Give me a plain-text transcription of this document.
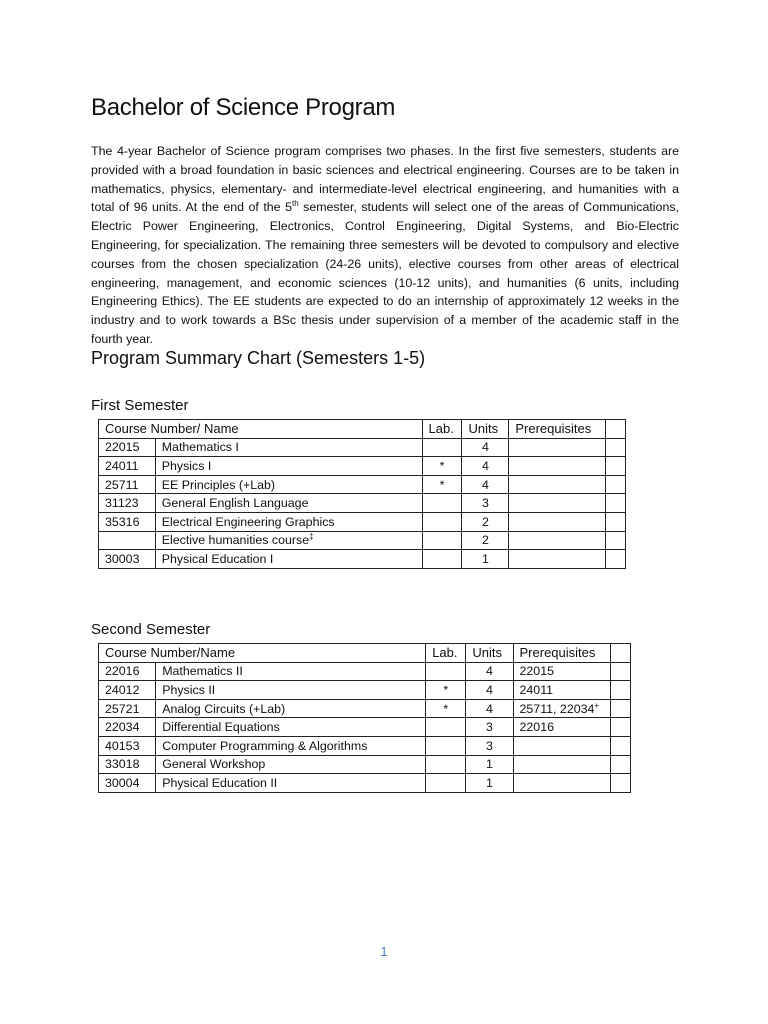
Bachelor of Science Program

The 4-year Bachelor of Science program comprises two phases. In the first five semesters, students are provided with a broad foundation in basic sciences and electrical engineering. Courses are to be taken in mathematics, physics, elementary- and intermediate-level electrical engineering, and humanities with a total of 96 units. At the end of the 5th semester, students will select one of the areas of Communications, Electric Power Engineering, Electronics, Control Engineering, Digital Systems, and Bio-Electric Engineering, for specialization. The remaining three semesters will be devoted to compulsory and elective courses from the chosen specialization (24-26 units), elective courses from other areas of electrical engineering, management, and economic sciences (10-12 units), and humanities (6 units, including Engineering Ethics). The EE students are expected to do an internship of approximately 12 weeks in the industry and to work towards a BSc thesis under supervision of a member of the academic staff in the fourth year.

Program Summary Chart (Semesters 1-5)
First Semester
Course Number/ Name		Lab.	Units	Prerequisites	
22015	Mathematics I		4		
24011	Physics I	*	4		
25711	EE Principles (+Lab)	*	4		
31123	General English Language		3		
35316	Electrical Engineering Graphics		2		
	Elective humanities course‡		2		
30003	Physical Education I		1		
Second Semester
Course Number/Name		Lab.	Units	Prerequisites	
22016	Mathematics II		4	22015	
24012	Physics II	*	4	24011	
25721	Analog Circuits (+Lab)	*	4	25711, 22034+	
22034	Differential Equations		3	22016	
40153	Computer Programming & Algorithms		3		
33018	General Workshop		1		
30004	Physical Education II		1		
1
